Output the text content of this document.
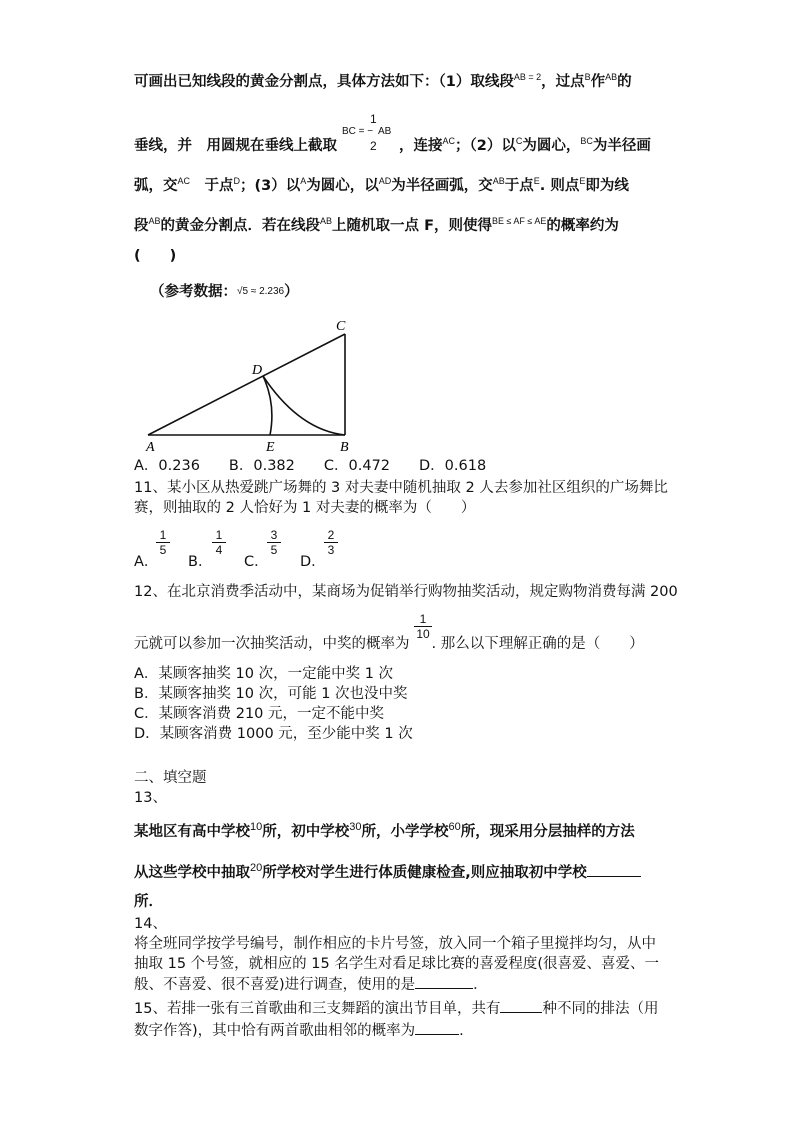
可画出已知线段的黄金分割点，具体方法如下：（1）取线段$^{AB = 2}$，过点$^B$作$^{AB}$的
1
BC = − AB
2
垂线，并　用圆规在垂线上截取	，连接$^{AC}$；（2）以$^C$为圆心，$^{BC}$为半径画
弧，交$^{AC}$　于点$^D$；(3）以$^A$为圆心，以$^{AD}$为半径画弧，交$^{AB}$于点$^E$. 则点$^E$即为线
段$^{AB}$的黄金分割点．若在线段$^{AB}$上随机取一点 F，则使得$^{BE \le AF \le AE}$的概率约为
(　　)
（参考数据：√5 ≈ 2.236）
A	E	B
C
D
A．0.236　　B．0.382　　C．0.472　　D．0.618
11、某小区从热爱跳广场舞的 3 对夫妻中随机抽取 2 人去参加社区组织的广场舞比
赛，则抽取的 2 人恰好为 1 对夫妻的概率为（　　）
A．
$\frac{1}{5}$
B．
$\frac{1}{4}$
C．
$\frac{3}{5}$
D．
$\frac{2}{3}$
12、在北京消费季活动中，某商场为促销举行购物抽奖活动，规定购物消费每满 200
$\frac{1}{10}$
元就可以参加一次抽奖活动，中奖的概率为 . 那么以下理解正确的是（　　）
A．某顾客抽奖 10 次，一定能中奖 1 次
B．某顾客抽奖 10 次，可能 1 次也没中奖
C．某顾客消费 210 元，一定不能中奖
D．某顾客消费 1000 元，至少能中奖 1 次
二、填空题
13、
某地区有高中学校$^{10}$所，初中学校$^{30}$所，小学学校$^{60}$所，现采用分层抽样的方法
从这些学校中抽取$^{20}$所学校对学生进行体质健康检查,则应抽取初中学校
所．
14、
将全班同学按学号编号，制作相应的卡片号签，放入同一个箱子里搅拌均匀，从中
抽取 15 个号签，就相应的 15 名学生对看足球比赛的喜爱程度(很喜爱、喜爱、一
般、不喜爱、很不喜爱)进行调查，使用的是	．
15、若排一张有三首歌曲和三支舞蹈的演出节目单，共有	种不同的排法（用
数字作答)，其中恰有两首歌曲相邻的概率为	.
